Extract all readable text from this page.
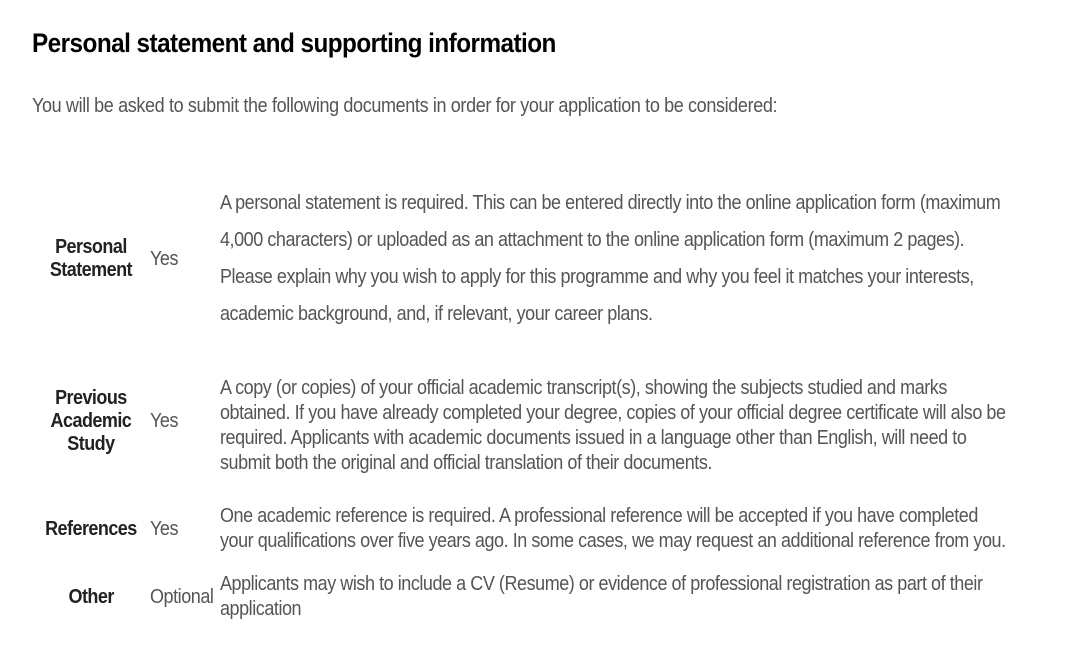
Personal statement and supporting information

You will be asked to submit the following documents in order for your application to be considered:

Personal Statement	Yes	A personal statement is required. This can be entered directly into the online application form (maximum 4,000 characters) or uploaded as an attachment to the online application form (maximum 2 pages). Please explain why you wish to apply for this programme and why you feel it matches your interests, academic background, and, if relevant, your career plans.

Previous Academic Study	Yes	A copy (or copies) of your official academic transcript(s), showing the subjects studied and marks obtained. If you have already completed your degree, copies of your official degree certificate will also be required. Applicants with academic documents issued in a language other than English, will need to submit both the original and official translation of their documents.

References	Yes	One academic reference is required. A professional reference will be accepted if you have completed your qualifications over five years ago. In some cases, we may request an additional reference from you.

Other	Optional	Applicants may wish to include a CV (Resume) or evidence of professional registration as part of their application
